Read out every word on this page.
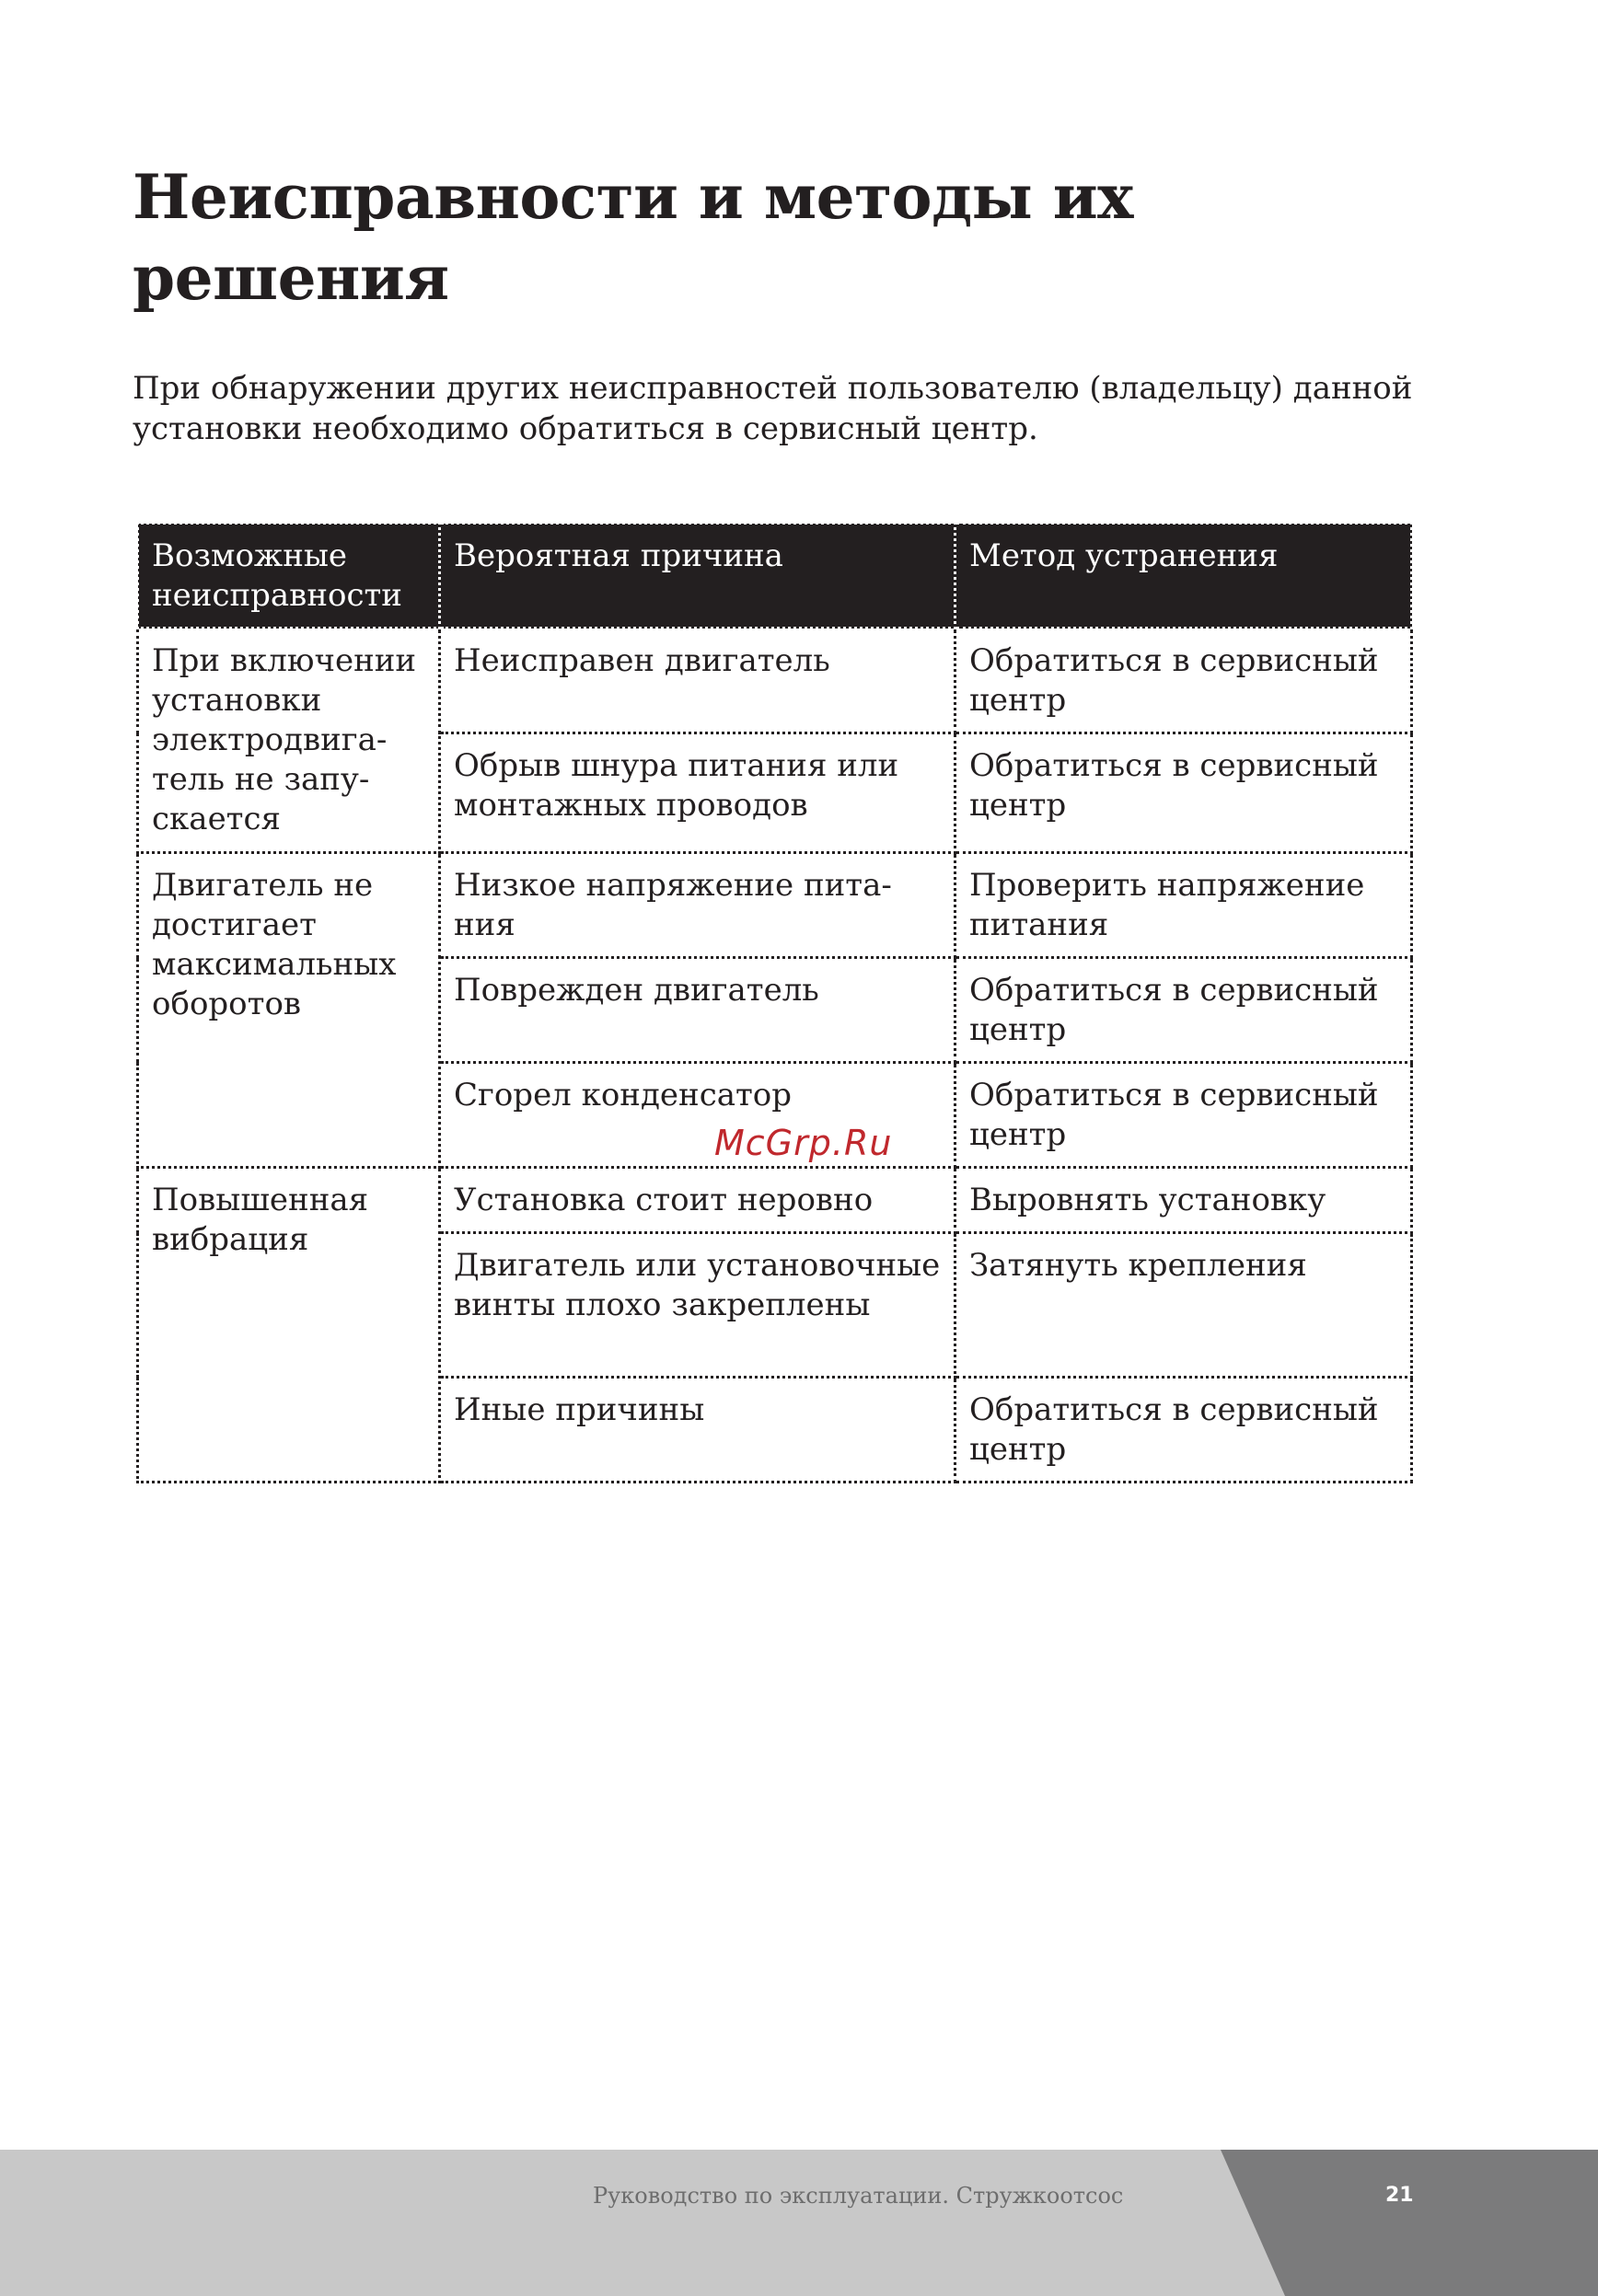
Неисправности и методы их решения

При обнаружении других неисправностей пользователю (владельцу) данной установки необходимо обратиться в сервисный центр.

Возможные неисправности	Вероятная причина	Метод устранения
При включении установки электродвигатель не запускается	Неисправен двигатель	Обратиться в сервисный центр
	Обрыв шнура питания или монтажных проводов	Обратиться в сервисный центр
Двигатель не достигает максимальных оборотов	Низкое напряжение питания	Проверить напряжение питания
	Поврежден двигатель	Обратиться в сервисный центр
	Сгорел конденсатор	Обратиться в сервисный центр
Повышенная вибрация	Установка стоит неровно	Выровнять установку
	Двигатель или установочные винты плохо закреплены	Затянуть крепления
	Иные причины	Обратиться в сервисный центр
McGrp.Ru
Руководство по эксплуатации. Стружкоотсос	21
